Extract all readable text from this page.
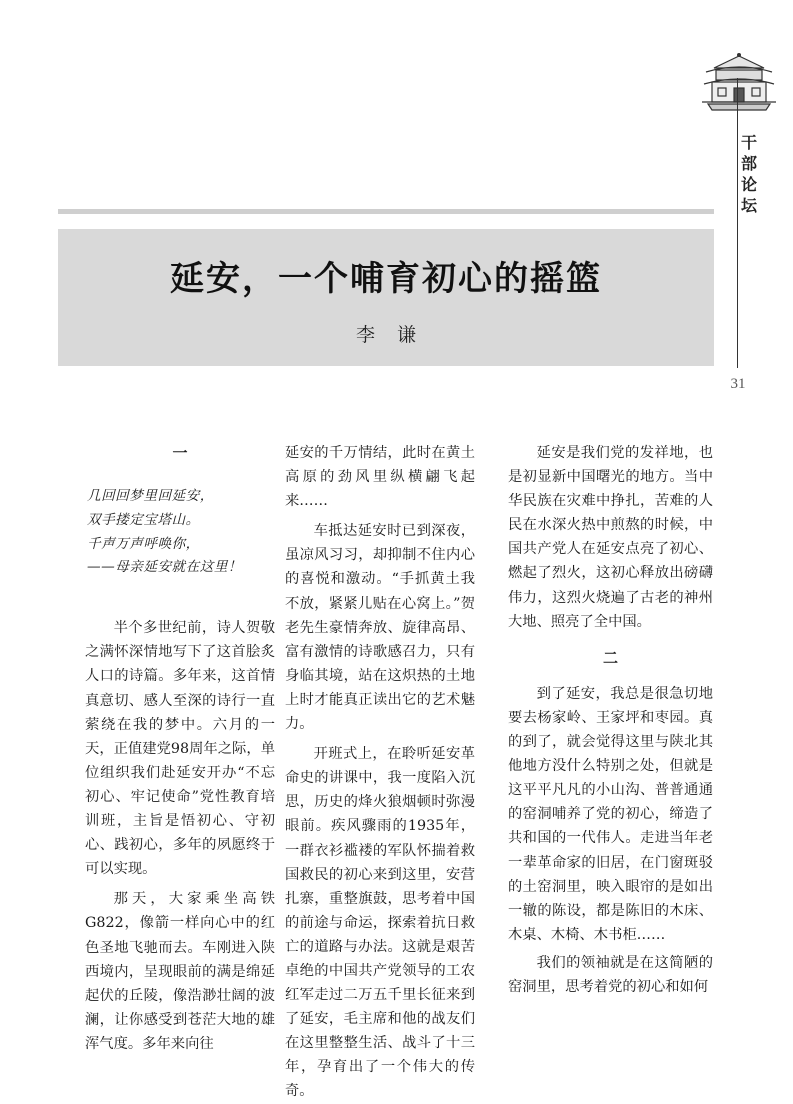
干部论坛
31
延安，一个哺育初心的摇篮
李谦
一
几回回梦里回延安，
双手搂定宝塔山。
千声万声呼唤你，
——母亲延安就在这里！

半个多世纪前，诗人贺敬之满怀深情地写下了这首脍炙人口的诗篇。多年来，这首情真意切、感人至深的诗行一直萦绕在我的梦中。六月的一天，正值建党98周年之际，单位组织我们赴延安开办“不忘初心、牢记使命”党性教育培训班，主旨是悟初心、守初心、践初心，多年的夙愿终于可以实现。

那天，大家乘坐高铁G822，像箭一样向心中的红色圣地飞驰而去。车刚进入陕西境内，呈现眼前的满是绵延起伏的丘陵，像浩渺壮阔的波澜，让你感受到苍茫大地的雄浑气度。多年来向往

延安的千万情结，此时在黄土高原的劲风里纵横翩飞起来……

车抵达延安时已到深夜，虽凉风习习，却抑制不住内心的喜悦和激动。“手抓黄土我不放，紧紧儿贴在心窝上。”贺老先生豪情奔放、旋律高昂、富有激情的诗歌感召力，只有身临其境，站在这炽热的土地上时才能真正读出它的艺术魅力。

开班式上，在聆听延安革命史的讲课中，我一度陷入沉思，历史的烽火狼烟顿时弥漫眼前。疾风骤雨的1935年，一群衣衫褴褛的军队怀揣着救国救民的初心来到这里，安营扎寨，重整旗鼓，思考着中国的前途与命运，探索着抗日救亡的道路与办法。这就是艰苦卓绝的中国共产党领导的工农红军走过二万五千里长征来到了延安，毛主席和他的战友们在这里整整生活、战斗了十三年，孕育出了一个伟大的传奇。

延安是我们党的发祥地，也是初显新中国曙光的地方。当中华民族在灾难中挣扎，苦难的人民在水深火热中煎熬的时候，中国共产党人在延安点亮了初心、燃起了烈火，这初心释放出磅礴伟力，这烈火烧遍了古老的神州大地、照亮了全中国。

二

到了延安，我总是很急切地要去杨家岭、王家坪和枣园。真的到了，就会觉得这里与陕北其他地方没什么特别之处，但就是这平平凡凡的小山沟、普普通通的窑洞哺养了党的初心，缔造了共和国的一代伟人。走进当年老一辈革命家的旧居，在门窗斑驳的土窑洞里，映入眼帘的是如出一辙的陈设，都是陈旧的木床、木桌、木椅、木书柜……

我们的领袖就是在这简陋的窑洞里，思考着党的初心和如何
